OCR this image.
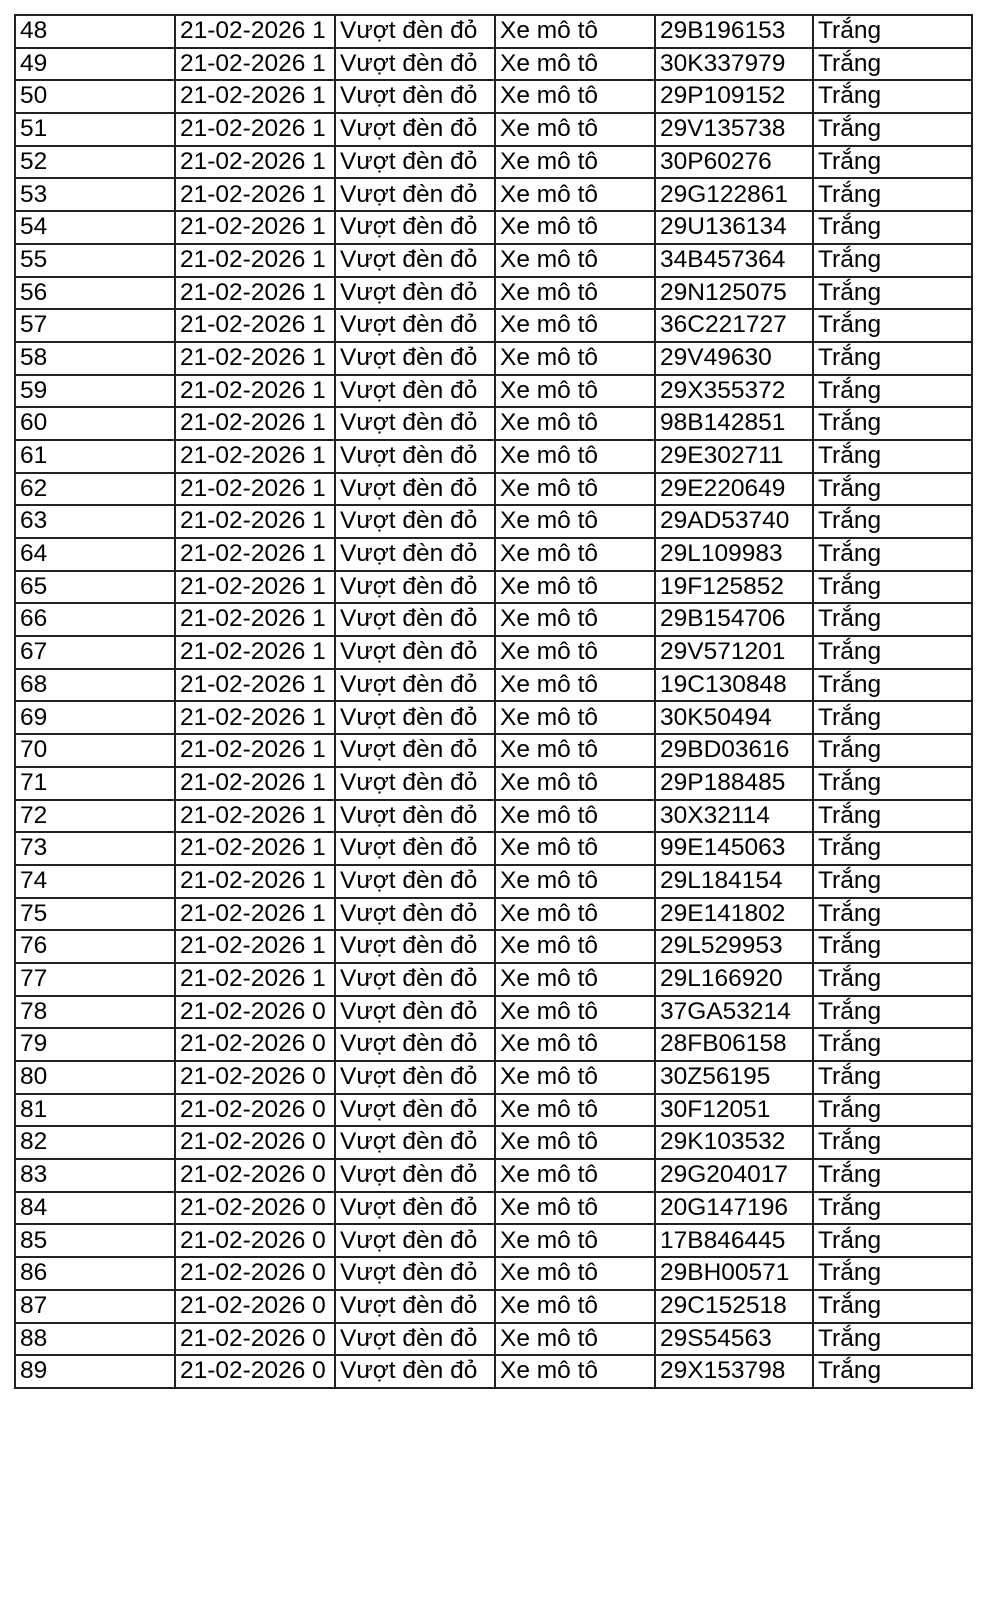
48	21-02-2026 1	Vượt đèn đỏ	Xe mô tô	29B196153	Trắng
49	21-02-2026 1	Vượt đèn đỏ	Xe mô tô	30K337979	Trắng
50	21-02-2026 1	Vượt đèn đỏ	Xe mô tô	29P109152	Trắng
51	21-02-2026 1	Vượt đèn đỏ	Xe mô tô	29V135738	Trắng
52	21-02-2026 1	Vượt đèn đỏ	Xe mô tô	30P60276	Trắng
53	21-02-2026 1	Vượt đèn đỏ	Xe mô tô	29G122861	Trắng
54	21-02-2026 1	Vượt đèn đỏ	Xe mô tô	29U136134	Trắng
55	21-02-2026 1	Vượt đèn đỏ	Xe mô tô	34B457364	Trắng
56	21-02-2026 1	Vượt đèn đỏ	Xe mô tô	29N125075	Trắng
57	21-02-2026 1	Vượt đèn đỏ	Xe mô tô	36C221727	Trắng
58	21-02-2026 1	Vượt đèn đỏ	Xe mô tô	29V49630	Trắng
59	21-02-2026 1	Vượt đèn đỏ	Xe mô tô	29X355372	Trắng
60	21-02-2026 1	Vượt đèn đỏ	Xe mô tô	98B142851	Trắng
61	21-02-2026 1	Vượt đèn đỏ	Xe mô tô	29E302711	Trắng
62	21-02-2026 1	Vượt đèn đỏ	Xe mô tô	29E220649	Trắng
63	21-02-2026 1	Vượt đèn đỏ	Xe mô tô	29AD53740	Trắng
64	21-02-2026 1	Vượt đèn đỏ	Xe mô tô	29L109983	Trắng
65	21-02-2026 1	Vượt đèn đỏ	Xe mô tô	19F125852	Trắng
66	21-02-2026 1	Vượt đèn đỏ	Xe mô tô	29B154706	Trắng
67	21-02-2026 1	Vượt đèn đỏ	Xe mô tô	29V571201	Trắng
68	21-02-2026 1	Vượt đèn đỏ	Xe mô tô	19C130848	Trắng
69	21-02-2026 1	Vượt đèn đỏ	Xe mô tô	30K50494	Trắng
70	21-02-2026 1	Vượt đèn đỏ	Xe mô tô	29BD03616	Trắng
71	21-02-2026 1	Vượt đèn đỏ	Xe mô tô	29P188485	Trắng
72	21-02-2026 1	Vượt đèn đỏ	Xe mô tô	30X32114	Trắng
73	21-02-2026 1	Vượt đèn đỏ	Xe mô tô	99E145063	Trắng
74	21-02-2026 1	Vượt đèn đỏ	Xe mô tô	29L184154	Trắng
75	21-02-2026 1	Vượt đèn đỏ	Xe mô tô	29E141802	Trắng
76	21-02-2026 1	Vượt đèn đỏ	Xe mô tô	29L529953	Trắng
77	21-02-2026 1	Vượt đèn đỏ	Xe mô tô	29L166920	Trắng
78	21-02-2026 0	Vượt đèn đỏ	Xe mô tô	37GA53214	Trắng
79	21-02-2026 0	Vượt đèn đỏ	Xe mô tô	28FB06158	Trắng
80	21-02-2026 0	Vượt đèn đỏ	Xe mô tô	30Z56195	Trắng
81	21-02-2026 0	Vượt đèn đỏ	Xe mô tô	30F12051	Trắng
82	21-02-2026 0	Vượt đèn đỏ	Xe mô tô	29K103532	Trắng
83	21-02-2026 0	Vượt đèn đỏ	Xe mô tô	29G204017	Trắng
84	21-02-2026 0	Vượt đèn đỏ	Xe mô tô	20G147196	Trắng
85	21-02-2026 0	Vượt đèn đỏ	Xe mô tô	17B846445	Trắng
86	21-02-2026 0	Vượt đèn đỏ	Xe mô tô	29BH00571	Trắng
87	21-02-2026 0	Vượt đèn đỏ	Xe mô tô	29C152518	Trắng
88	21-02-2026 0	Vượt đèn đỏ	Xe mô tô	29S54563	Trắng
89	21-02-2026 0	Vượt đèn đỏ	Xe mô tô	29X153798	Trắng
